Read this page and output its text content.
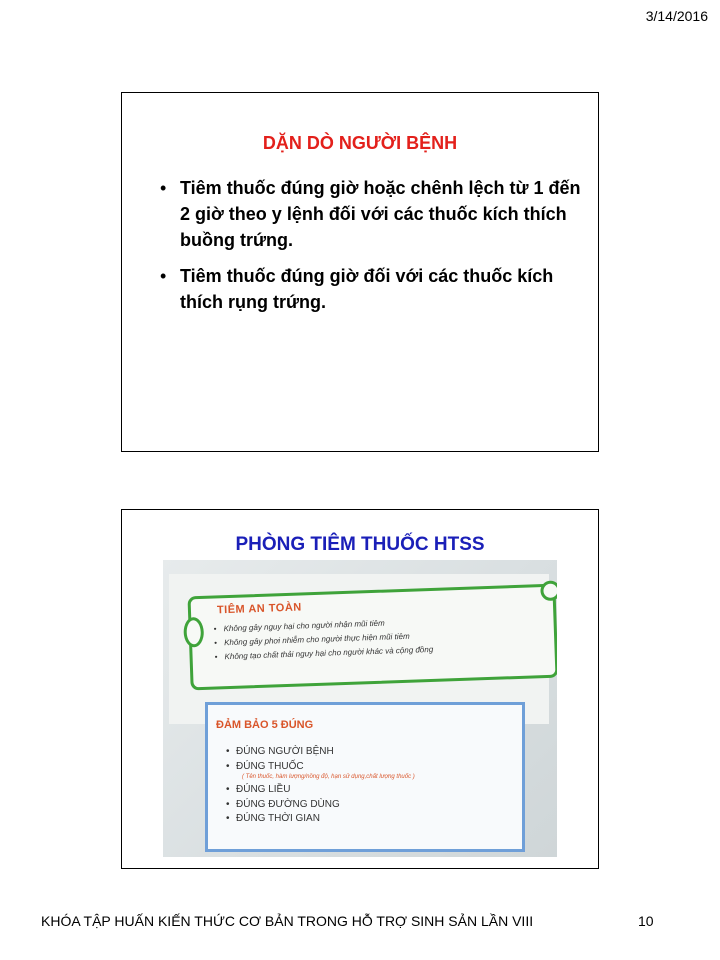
3/14/2016
DẶN DÒ NGƯỜI BỆNH
• Tiêm thuốc đúng giờ hoặc chênh lệch từ 1 đến 2 giờ theo y lệnh đối với các thuốc kích thích buồng trứng.
• Tiêm thuốc đúng giờ đối với các thuốc kích thích rụng trứng.
PHÒNG TIÊM THUỐC HTSS
TIÊM AN TOÀN
• Không gây nguy hại cho người nhận mũi tiêm
• Không gây phơi nhiễm cho người thực hiện mũi tiêm
• Không tạo chất thải nguy hại cho người khác và cộng đồng
ĐẢM BẢO 5 ĐÚNG
• ĐÚNG NGƯỜI BỆNH
• ĐÚNG THUỐC
• ĐÚNG LIỀU
• ĐÚNG ĐƯỜNG DÙNG
• ĐÚNG THỜI GIAN
( Tên thuốc, hàm lượng/nồng độ, hạn sử dụng,chất lượng thuốc )
KHÓA TẬP HUẤN KIẾN THỨC CƠ BẢN TRONG HỖ TRỢ SINH SẢN LẦN VIII	10
